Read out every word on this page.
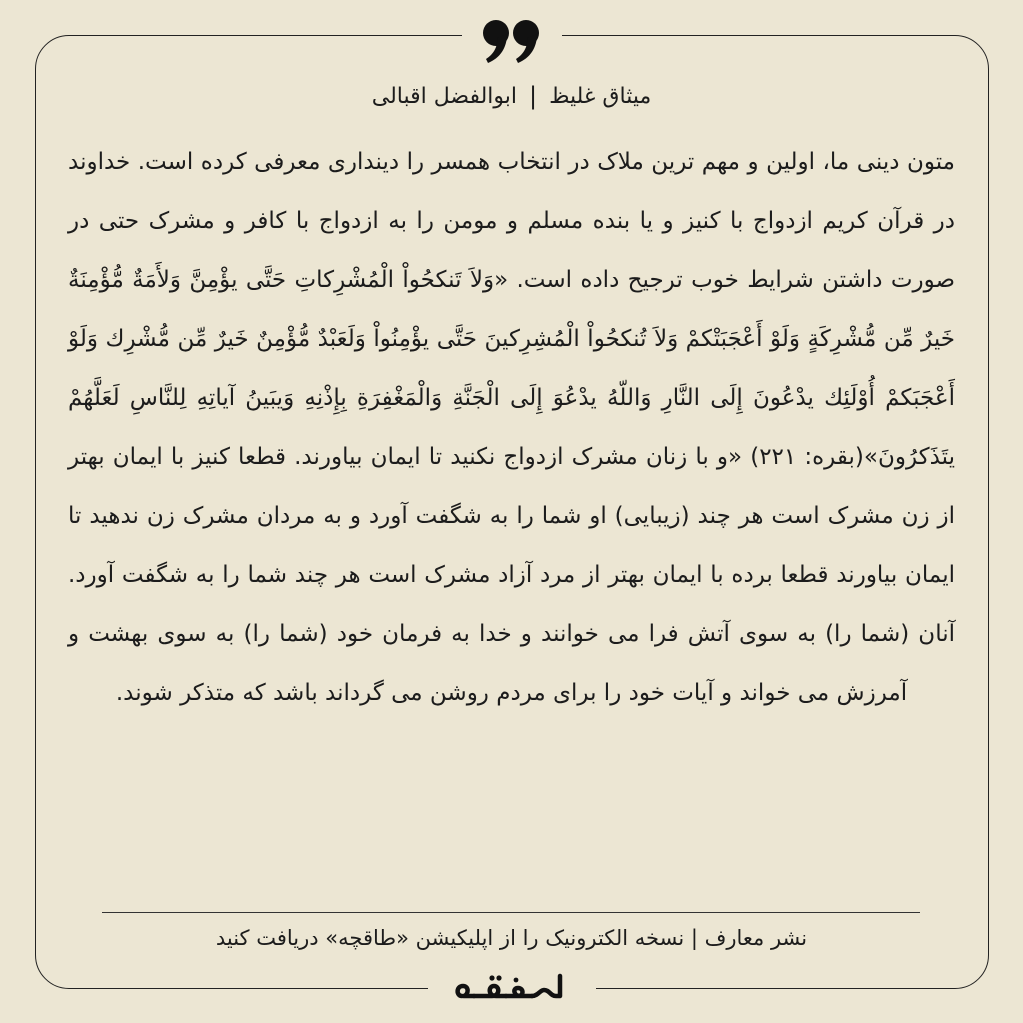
میثاق غلیظ
|
ابوالفضل اقبالی

متون دینی ما، اولین و مهم ترین ملاک در انتخاب همسر را دینداری معرفی کرده است. خداوند در قرآن کریم ازدواج با کنیز و یا بنده مسلم و مومن را به ازدواج با کافر و مشرک حتی در صورت داشتن شرایط خوب ترجیح داده است. «وَلاَ تَنكحُواْ الْمُشْرِكاتِ حَتَّى يؤْمِنَّ وَلأَمَةٌ مُّؤْمِنَةٌ خَيرٌ مِّن مُّشْرِكَةٍ وَلَوْ أَعْجَبَتْكمْ وَلاَ تُنكحُواْ الْمُشِرِكينَ حَتَّى يؤْمِنُواْ وَلَعَبْدٌ مُّؤْمِنٌ خَيرٌ مِّن مُّشْرِك وَلَوْ أَعْجَبَكمْ أُوْلَئِك يدْعُونَ إِلَى النَّارِ وَاللّهُ يدْعُوَ إِلَى الْجَنَّةِ وَالْمَغْفِرَةِ بِإِذْنِهِ وَيبَينُ آياتِهِ لِلنَّاسِ لَعَلَّهُمْ يتَذَكرُونَ»(بقره: ۲۲۱) «و با زنان مشرک ازدواج نکنید تا ایمان بیاورند. قطعا کنیز با ایمان بهتر از زن مشرک است هر چند (زیبایی) او شما را به شگفت آورد و به مردان مشرک زن ندهید تا ایمان بیاورند قطعا برده با ایمان بهتر از مرد آزاد مشرک است هر چند شما را به شگفت آورد. آنان (شما را) به سوی آتش فرا می خوانند و خدا به فرمان خود (شما را) به سوی بهشت و آمرزش می خواند و آیات خود را برای مردم روشن می گرداند باشد که متذکر شوند.

نشر معارف | نسخه الکترونیک را از اپلیکیشن «طاقچه» دریافت کنید
